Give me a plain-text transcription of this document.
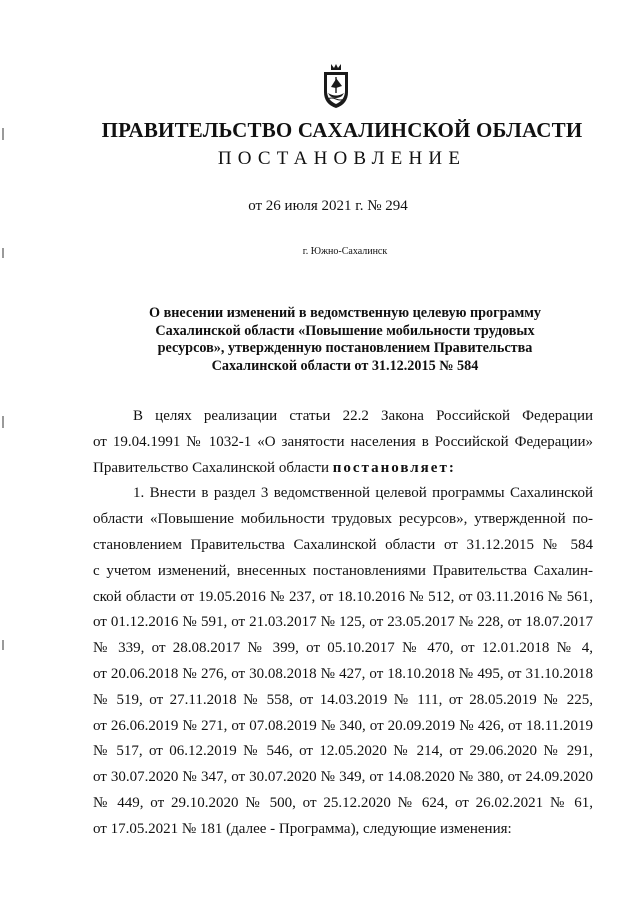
ПРАВИТЕЛЬСТВО САХАЛИНСКОЙ ОБЛАСТИ
ПОСТАНОВЛЕНИЕ
от 26 июля 2021 г. № 294
г. Южно-Сахалинск
О внесении изменений в ведомственную целевую программу
Сахалинской области «Повышение мобильности трудовых
ресурсов», утвержденную постановлением Правительства
Сахалинской области от 31.12.2015 № 584
В целях реализации статьи 22.2 Закона Российской Федерации
от 19.04.1991 № 1032-1 «О занятости населения в Российской Федерации»
Правительство Сахалинской области постановляет:
1. Внести в раздел 3 ведомственной целевой программы Сахалинской
области «Повышение мобильности трудовых ресурсов», утвержденной по-
становлением Правительства Сахалинской области от 31.12.2015 № 584
с учетом изменений, внесенных постановлениями Правительства Сахалин-
ской области от 19.05.2016 № 237, от 18.10.2016 № 512, от 03.11.2016 № 561,
от 01.12.2016 № 591, от 21.03.2017 № 125, от 23.05.2017 № 228, от 18.07.2017
№ 339, от 28.08.2017 № 399, от 05.10.2017 № 470, от 12.01.2018 № 4,
от 20.06.2018 № 276, от 30.08.2018 № 427, от 18.10.2018 № 495, от 31.10.2018
№ 519, от 27.11.2018 № 558, от 14.03.2019 № 111, от 28.05.2019 № 225,
от 26.06.2019 № 271, от 07.08.2019 № 340, от 20.09.2019 № 426, от 18.11.2019
№ 517, от 06.12.2019 № 546, от 12.05.2020 № 214, от 29.06.2020 № 291,
от 30.07.2020 № 347, от 30.07.2020 № 349, от 14.08.2020 № 380, от 24.09.2020
№ 449, от 29.10.2020 № 500, от 25.12.2020 № 624, от 26.02.2021 № 61,
от 17.05.2021 № 181 (далее - Программа), следующие изменения:
